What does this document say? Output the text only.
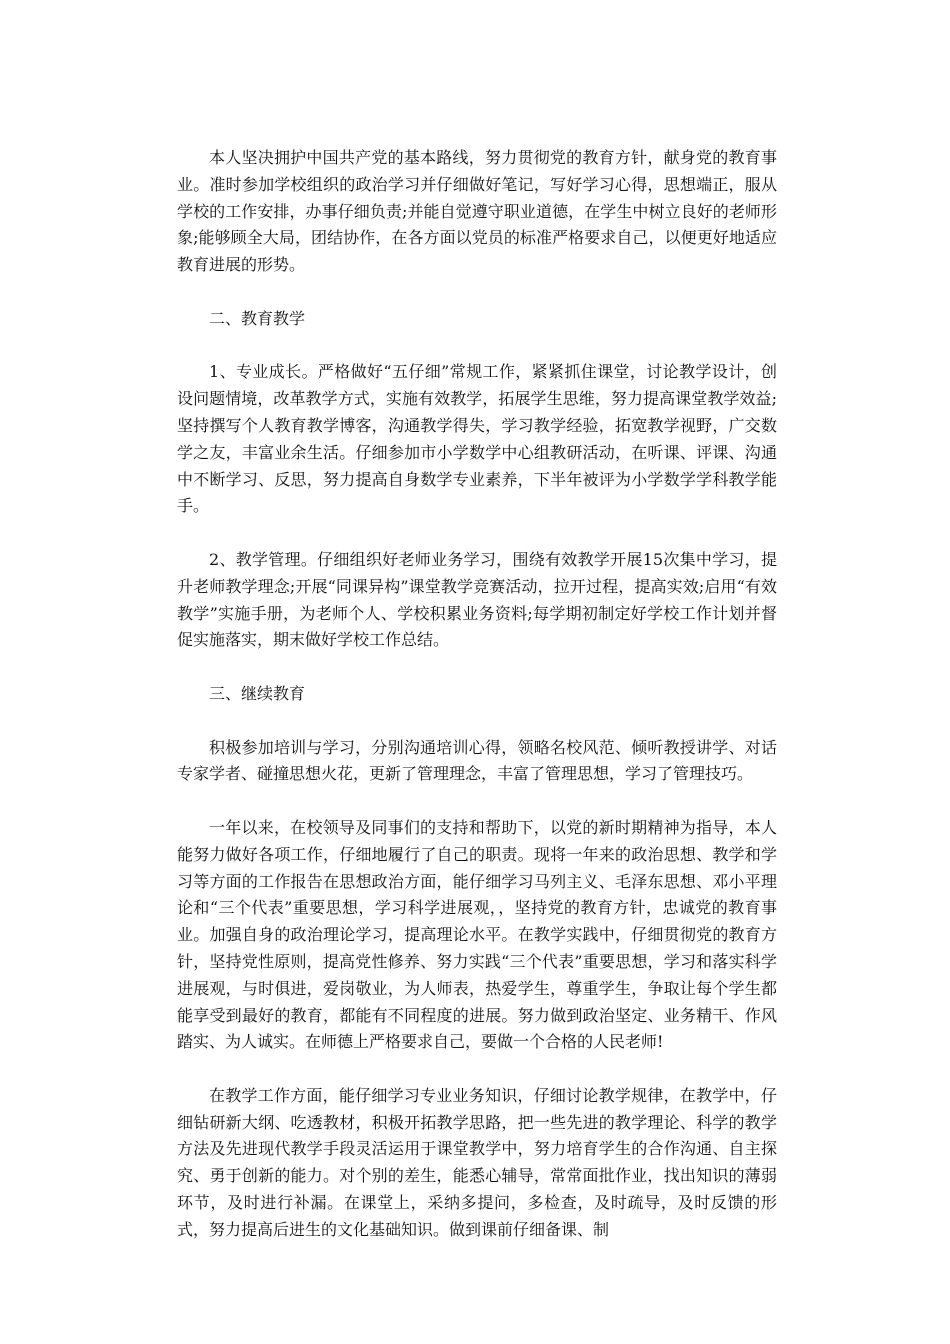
本人坚决拥护中国共产党的基本路线，努力贯彻党的教育方针，献身党的教育事业。准时参加学校组织的政治学习并仔细做好笔记，写好学习心得，思想端正，服从学校的工作安排，办事仔细负责;并能自觉遵守职业道德，在学生中树立良好的老师形象;能够顾全大局，团结协作，在各方面以党员的标准严格要求自己，以便更好地适应教育进展的形势。

二、教育教学

1、专业成长。严格做好“五仔细”常规工作，紧紧抓住课堂，讨论教学设计，创设问题情境，改革教学方式，实施有效教学，拓展学生思维，努力提高课堂教学效益;坚持撰写个人教育教学博客，沟通教学得失，学习教学经验，拓宽教学视野，广交数学之友，丰富业余生活。仔细参加市小学数学中心组教研活动，在听课、评课、沟通中不断学习、反思，努力提高自身数学专业素养，下半年被评为小学数学学科教学能手。

2、教学管理。仔细组织好老师业务学习，围绕有效教学开展15次集中学习，提升老师教学理念;开展“同课异构”课堂教学竞赛活动，拉开过程，提高实效;启用“有效教学”实施手册，为老师个人、学校积累业务资料;每学期初制定好学校工作计划并督促实施落实，期末做好学校工作总结。

三、继续教育

积极参加培训与学习，分别沟通培训心得，领略名校风范、倾听教授讲学、对话专家学者、碰撞思想火花，更新了管理理念，丰富了管理思想，学习了管理技巧。

一年以来，在校领导及同事们的支持和帮助下，以党的新时期精神为指导，本人能努力做好各项工作，仔细地履行了自己的职责。现将一年来的政治思想、教学和学习等方面的工作报告在思想政治方面，能仔细学习马列主义、毛泽东思想、邓小平理论和“三个代表”重要思想，学习科学进展观，，坚持党的教育方针，忠诚党的教育事业。加强自身的政治理论学习，提高理论水平。在教学实践中，仔细贯彻党的教育方针，坚持党性原则，提高党性修养、努力实践“三个代表”重要思想，学习和落实科学进展观，与时俱进，爱岗敬业，为人师表，热爱学生，尊重学生，争取让每个学生都能享受到最好的教育，都能有不同程度的进展。努力做到政治坚定、业务精干、作风踏实、为人诚实。在师德上严格要求自己，要做一个合格的人民老师!

在教学工作方面，能仔细学习专业业务知识，仔细讨论教学规律，在教学中，仔细钻研新大纲、吃透教材，积极开拓教学思路，把一些先进的教学理论、科学的教学方法及先进现代教学手段灵活运用于课堂教学中，努力培育学生的合作沟通、自主探究、勇于创新的能力。对个别的差生，能悉心辅导，常常面批作业，找出知识的薄弱环节，及时进行补漏。在课堂上，采纳多提问，多检查，及时疏导，及时反馈的形式，努力提高后进生的文化基础知识。做到课前仔细备课、制
